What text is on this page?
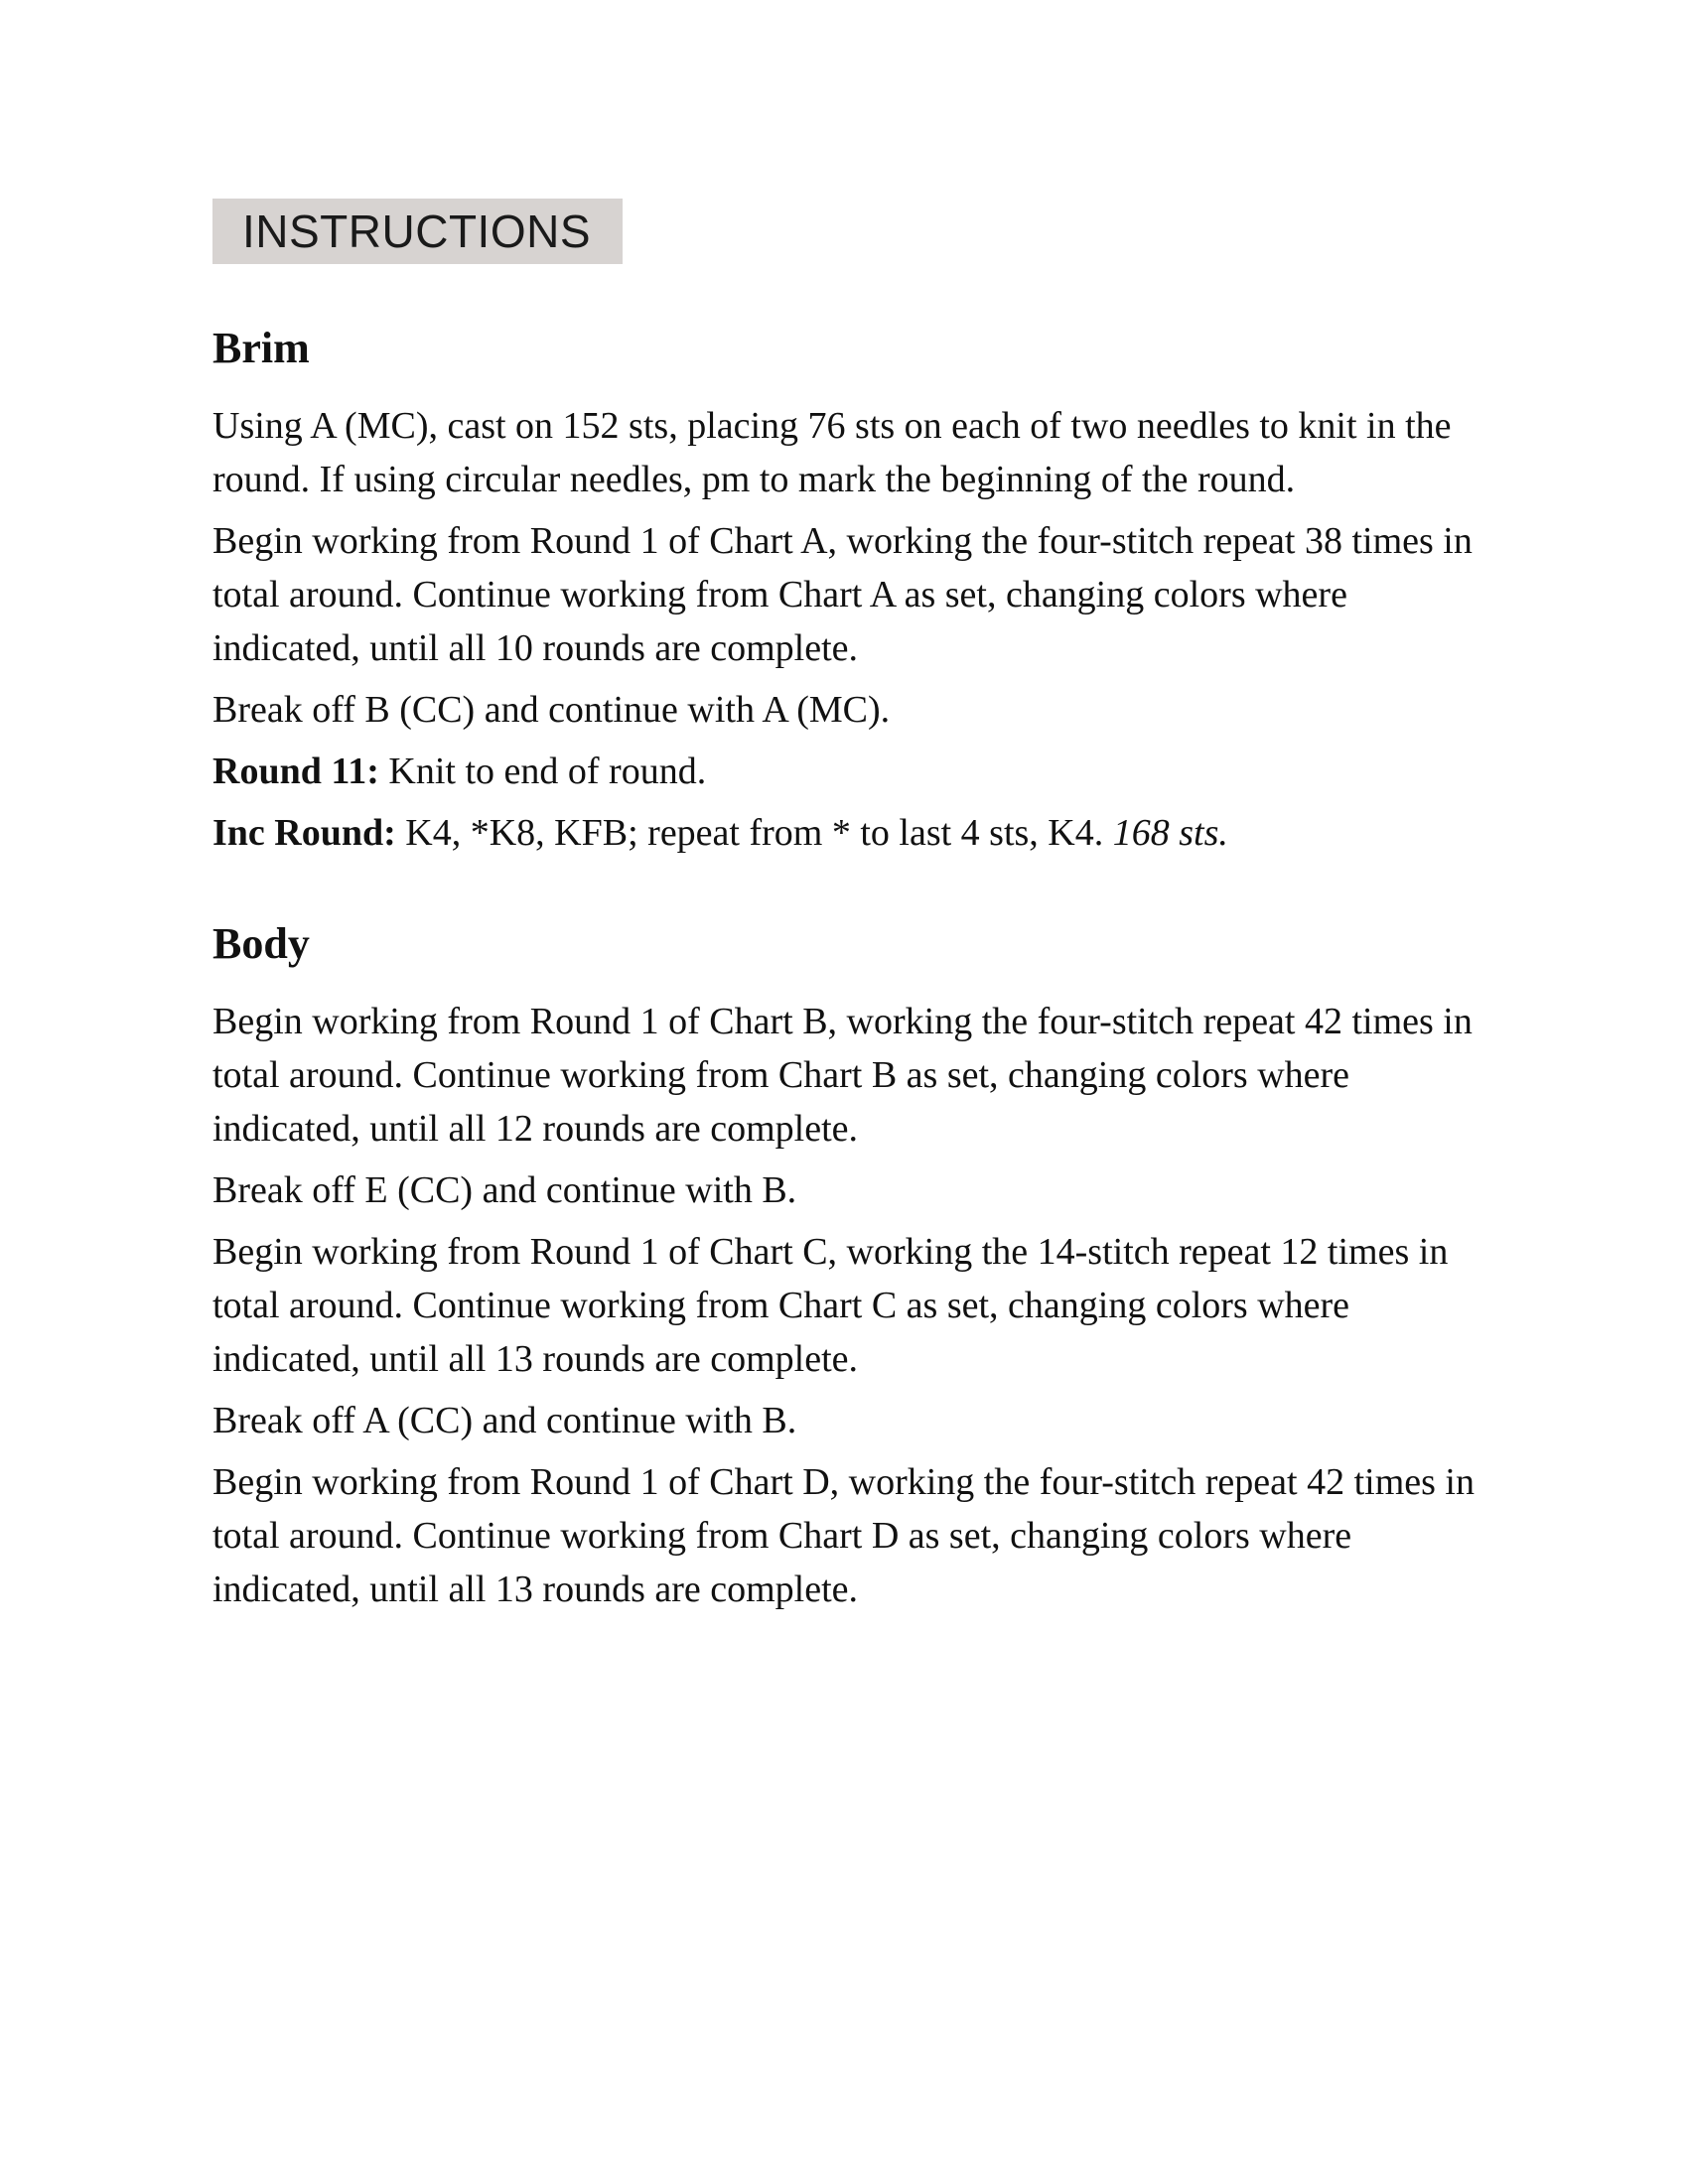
INSTRUCTIONS
Brim

Using A (MC), cast on 152 sts, placing 76 sts on each of two needles to knit in the round. If using circular needles, pm to mark the beginning of the round.

Begin working from Round 1 of Chart A, working the four-stitch repeat 38 times in total around. Continue working from Chart A as set, changing colors where indicated, until all 10 rounds are complete.

Break off B (CC) and continue with A (MC).

Round 11: Knit to end of round.

Inc Round: K4, *K8, KFB; repeat from * to last 4 sts, K4. 168 sts.

Body

Begin working from Round 1 of Chart B, working the four-stitch repeat 42 times in total around. Continue working from Chart B as set, changing colors where indicated, until all 12 rounds are complete.

Break off E (CC) and continue with B.

Begin working from Round 1 of Chart C, working the 14-stitch repeat 12 times in total around. Continue working from Chart C as set, changing colors where indicated, until all 13 rounds are complete.

Break off A (CC) and continue with B.

Begin working from Round 1 of Chart D, working the four-stitch repeat 42 times in total around. Continue working from Chart D as set, changing colors where indicated, until all 13 rounds are complete.
